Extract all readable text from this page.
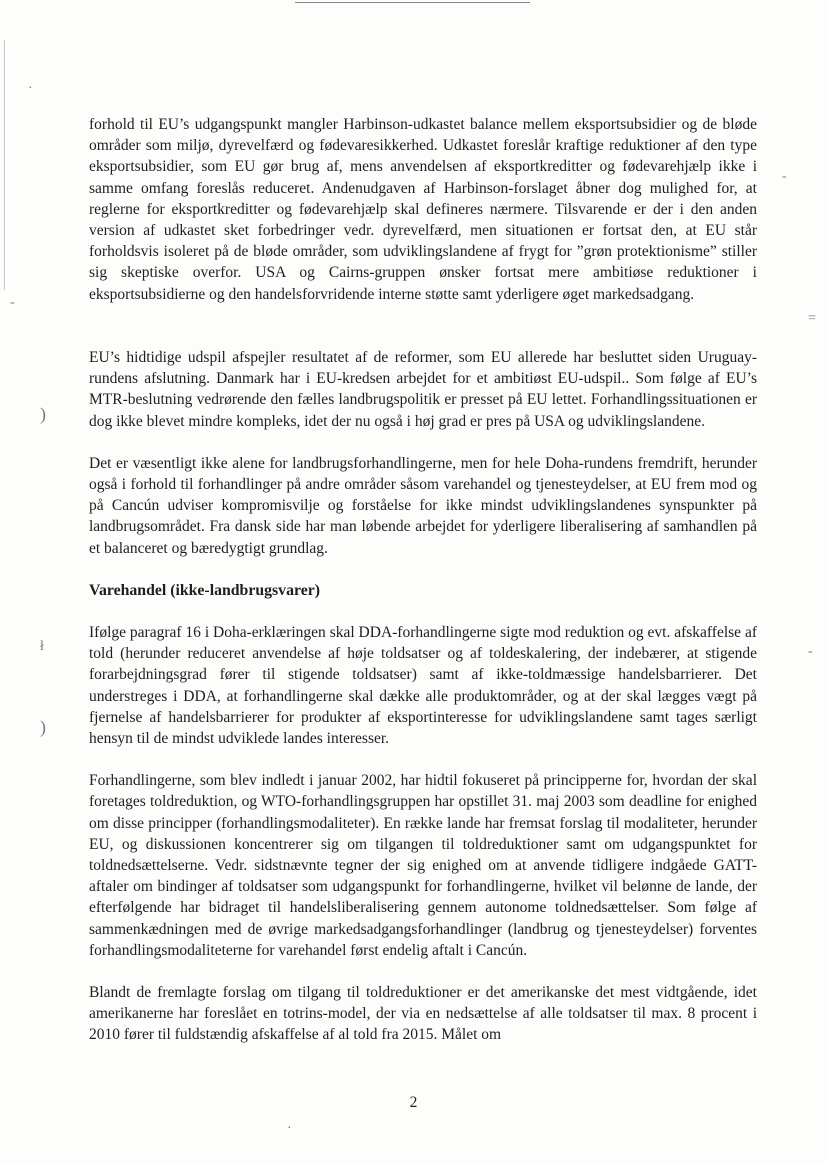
·
-
)
ł
)
-
=
-
·

forhold til EU’s udgangspunkt mangler Harbinson-udkastet balance mellem eksportsubsidier og de bløde områder som miljø, dyrevelfærd og fødevaresikkerhed. Udkastet foreslår kraftige reduktioner af den type eksportsubsidier, som EU gør brug af, mens anvendelsen af eksportkreditter og fødevarehjælp ikke i samme omfang foreslås reduceret. Andenudgaven af Harbinson-forslaget åbner dog mulighed for, at reglerne for eksportkreditter og fødevarehjælp skal defineres nærmere. Tilsvarende er der i den anden version af udkastet sket forbedringer vedr. dyrevelfærd, men situationen er fortsat den, at EU står forholdsvis isoleret på de bløde områder, som udviklingslandene af frygt for ”grøn protektionisme” stiller sig skeptiske overfor. USA og Cairns-gruppen ønsker fortsat mere ambitiøse reduktioner i eksportsubsidierne og den handelsforvridende interne støtte samt yderligere øget markedsadgang.

EU’s hidtidige udspil afspejler resultatet af de reformer, som EU allerede har besluttet siden Uruguay-rundens afslutning. Danmark har i EU-kredsen arbejdet for et ambitiøst EU-udspil.. Som følge af EU’s MTR-beslutning vedrørende den fælles landbrugspolitik er presset på EU lettet. Forhandlingssituationen er dog ikke blevet mindre kompleks, idet der nu også i høj grad er pres på USA og udviklingslandene.

Det er væsentligt ikke alene for landbrugsforhandlingerne, men for hele Doha-rundens fremdrift, herunder også i forhold til forhandlinger på andre områder såsom varehandel og tjenesteydelser, at EU frem mod og på Cancún udviser kompromisvilje og forståelse for ikke mindst udviklingslandenes synspunkter på landbrugsområdet. Fra dansk side har man løbende arbejdet for yderligere liberalisering af samhandlen på et balanceret og bæredygtigt grundlag.

Varehandel (ikke-landbrugsvarer)

Ifølge paragraf 16 i Doha-erklæringen skal DDA-forhandlingerne sigte mod reduktion og evt. afskaffelse af told (herunder reduceret anvendelse af høje toldsatser og af toldeskalering, der indebærer, at stigende forarbejdningsgrad fører til stigende toldsatser) samt af ikke-toldmæssige handelsbarrierer. Det understreges i DDA, at forhandlingerne skal dække alle produktområder, og at der skal lægges vægt på fjernelse af handelsbarrierer for produkter af eksportinteresse for udviklingslandene samt tages særligt hensyn til de mindst udviklede landes interesser.

Forhandlingerne, som blev indledt i januar 2002, har hidtil fokuseret på principperne for, hvordan der skal foretages toldreduktion, og WTO-forhandlingsgruppen har opstillet 31. maj 2003 som deadline for enighed om disse principper (forhandlingsmodaliteter). En række lande har fremsat forslag til modaliteter, herunder EU, og diskussionen koncentrerer sig om tilgangen til toldreduktioner samt om udgangspunktet for toldnedsættelserne. Vedr. sidstnævnte tegner der sig enighed om at anvende tidligere indgåede GATT-aftaler om bindinger af toldsatser som udgangspunkt for forhandlingerne, hvilket vil belønne de lande, der efterfølgende har bidraget til handelsliberalisering gennem autonome toldnedsættelser. Som følge af sammenkædningen med de øvrige markedsadgangsforhandlinger (landbrug og tjenesteydelser) forventes forhandlingsmodaliteterne for varehandel først endelig aftalt i Cancún.

Blandt de fremlagte forslag om tilgang til toldreduktioner er det amerikanske det mest vidtgående, idet amerikanerne har foreslået en totrins-model, der via en nedsættelse af alle toldsatser til max. 8 procent i 2010 fører til fuldstændig afskaffelse af al told fra 2015. Målet om

2
